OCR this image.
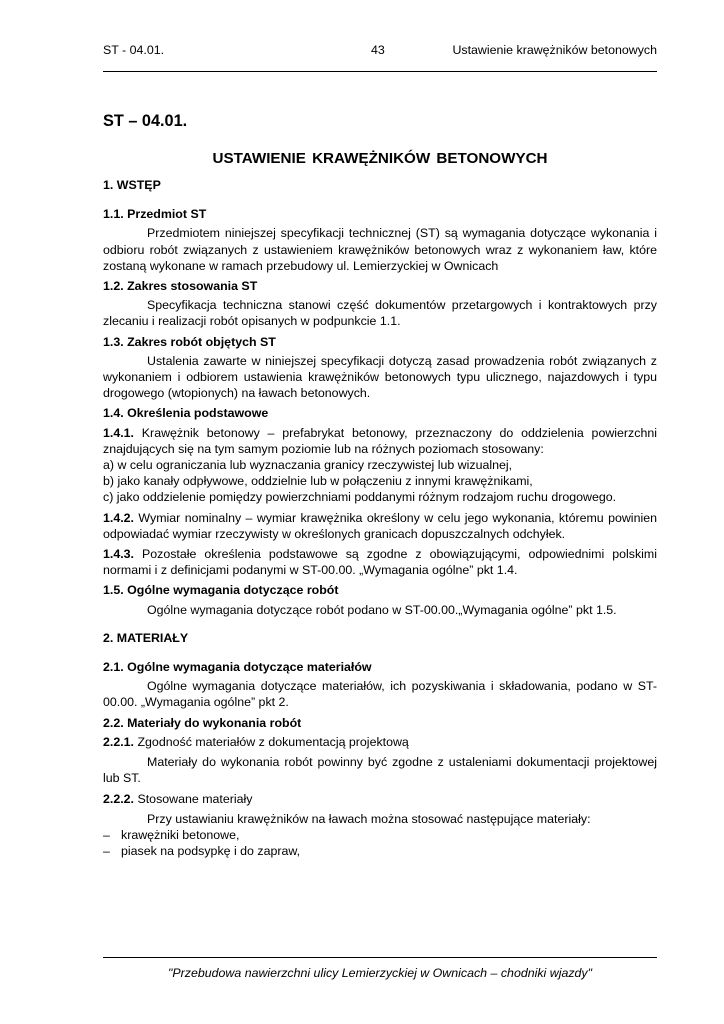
ST - 04.01.	43	Ustawienie krawężników betonowych
ST – 04.01.
USTAWIENIE KRAWĘŻNIKÓW BETONOWYCH
1. WSTĘP
1.1. Przedmiot ST

Przedmiotem niniejszej specyfikacji technicznej (ST) są wymagania dotyczące wykonania i odbioru robót związanych z ustawieniem krawężników betonowych wraz z wykonaniem ław, które zostaną wykonane w ramach przebudowy ul. Lemierzyckiej w Ownicach

1.2. Zakres stosowania ST

Specyfikacja techniczna stanowi część dokumentów przetargowych i kontraktowych przy zlecaniu i realizacji robót opisanych w podpunkcie 1.1.

1.3. Zakres robót objętych ST

Ustalenia zawarte w niniejszej specyfikacji dotyczą zasad prowadzenia robót związanych z wykonaniem i odbiorem ustawienia krawężników betonowych typu ulicznego, najazdowych i typu drogowego (wtopionych) na ławach betonowych.

1.4. Określenia podstawowe

1.4.1. Krawężnik betonowy – prefabrykat betonowy, przeznaczony do oddzielenia powierzchni znajdujących się na tym samym poziomie lub na różnych poziomach stosowany:

a) w celu ograniczania lub wyznaczania granicy rzeczywistej lub wizualnej,

b) jako kanały odpływowe, oddzielnie lub w połączeniu z innymi krawężnikami,

c) jako oddzielenie pomiędzy powierzchniami poddanymi różnym rodzajom ruchu drogowego.

1.4.2. Wymiar nominalny – wymiar krawężnika określony w celu jego wykonania, któremu powinien odpowiadać wymiar rzeczywisty w określonych granicach dopuszczalnych odchyłek.

1.4.3. Pozostałe określenia podstawowe są zgodne z obowiązującymi, odpowiednimi polskimi normami i z definicjami podanymi w ST-00.00. „Wymagania ogólne” pkt 1.4.

1.5. Ogólne wymagania dotyczące robót

Ogólne wymagania dotyczące robót podano w ST-00.00.„Wymagania ogólne” pkt 1.5.

2. MATERIAŁY
2.1. Ogólne wymagania dotyczące materiałów

Ogólne wymagania dotyczące materiałów, ich pozyskiwania i składowania, podano w ST-00.00. „Wymagania ogólne” pkt 2.

2.2. Materiały do wykonania robót

2.2.1. Zgodność materiałów z dokumentacją projektową

Materiały do wykonania robót powinny być zgodne z ustaleniami dokumentacji projektowej lub ST.

2.2.2. Stosowane materiały

Przy ustawianiu krawężników na ławach można stosować następujące materiały:

– krawężniki betonowe,
– piasek na podsypkę i do zapraw,
"Przebudowa nawierzchni ulicy Lemierzyckiej w Ownicach – chodniki wjazdy"
